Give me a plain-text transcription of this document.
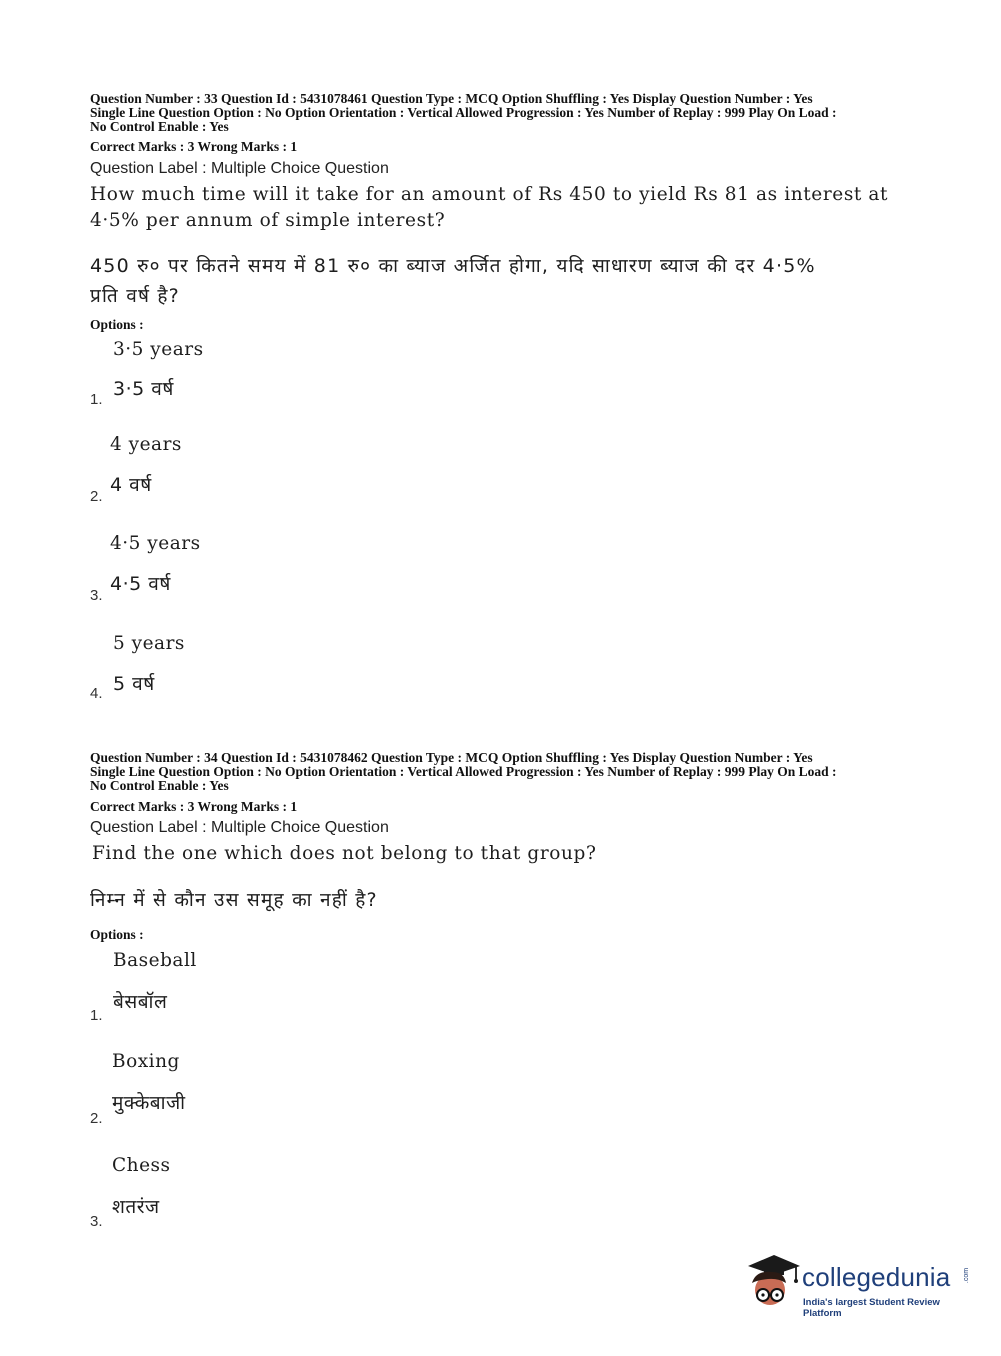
Question Number : 33 Question Id : 5431078461 Question Type : MCQ Option Shuffling : Yes Display Question Number : Yes
Single Line Question Option : No Option Orientation : Vertical Allowed Progression : Yes Number of Replay : 999 Play On Load :
No Control Enable : Yes
Correct Marks : 3 Wrong Marks : 1
Question Label : Multiple Choice Question
How much time will it take for an amount of Rs 450 to yield Rs 81 as interest at
4·5% per annum of simple interest?
450 रु० पर कितने समय में 81 रु० का ब्याज अर्जित होगा, यदि साधारण ब्याज की दर 4·5%
प्रति वर्ष है?
Options :
3·5 years
3·5 वर्ष
1.
4 years
4 वर्ष
2.
4·5 years
4·5 वर्ष
3.
5 years
5 वर्ष
4.
Question Number : 34 Question Id : 5431078462 Question Type : MCQ Option Shuffling : Yes Display Question Number : Yes
Single Line Question Option : No Option Orientation : Vertical Allowed Progression : Yes Number of Replay : 999 Play On Load :
No Control Enable : Yes
Correct Marks : 3 Wrong Marks : 1
Question Label : Multiple Choice Question
Find the one which does not belong to that group?
निम्न में से कौन उस समूह का नहीं है?
Options :
Baseball
बेसबॉल
1.
Boxing
मुक्केबाजी
2.
Chess
शतरंज
3.
collegedunia .com
India's largest Student Review Platform
